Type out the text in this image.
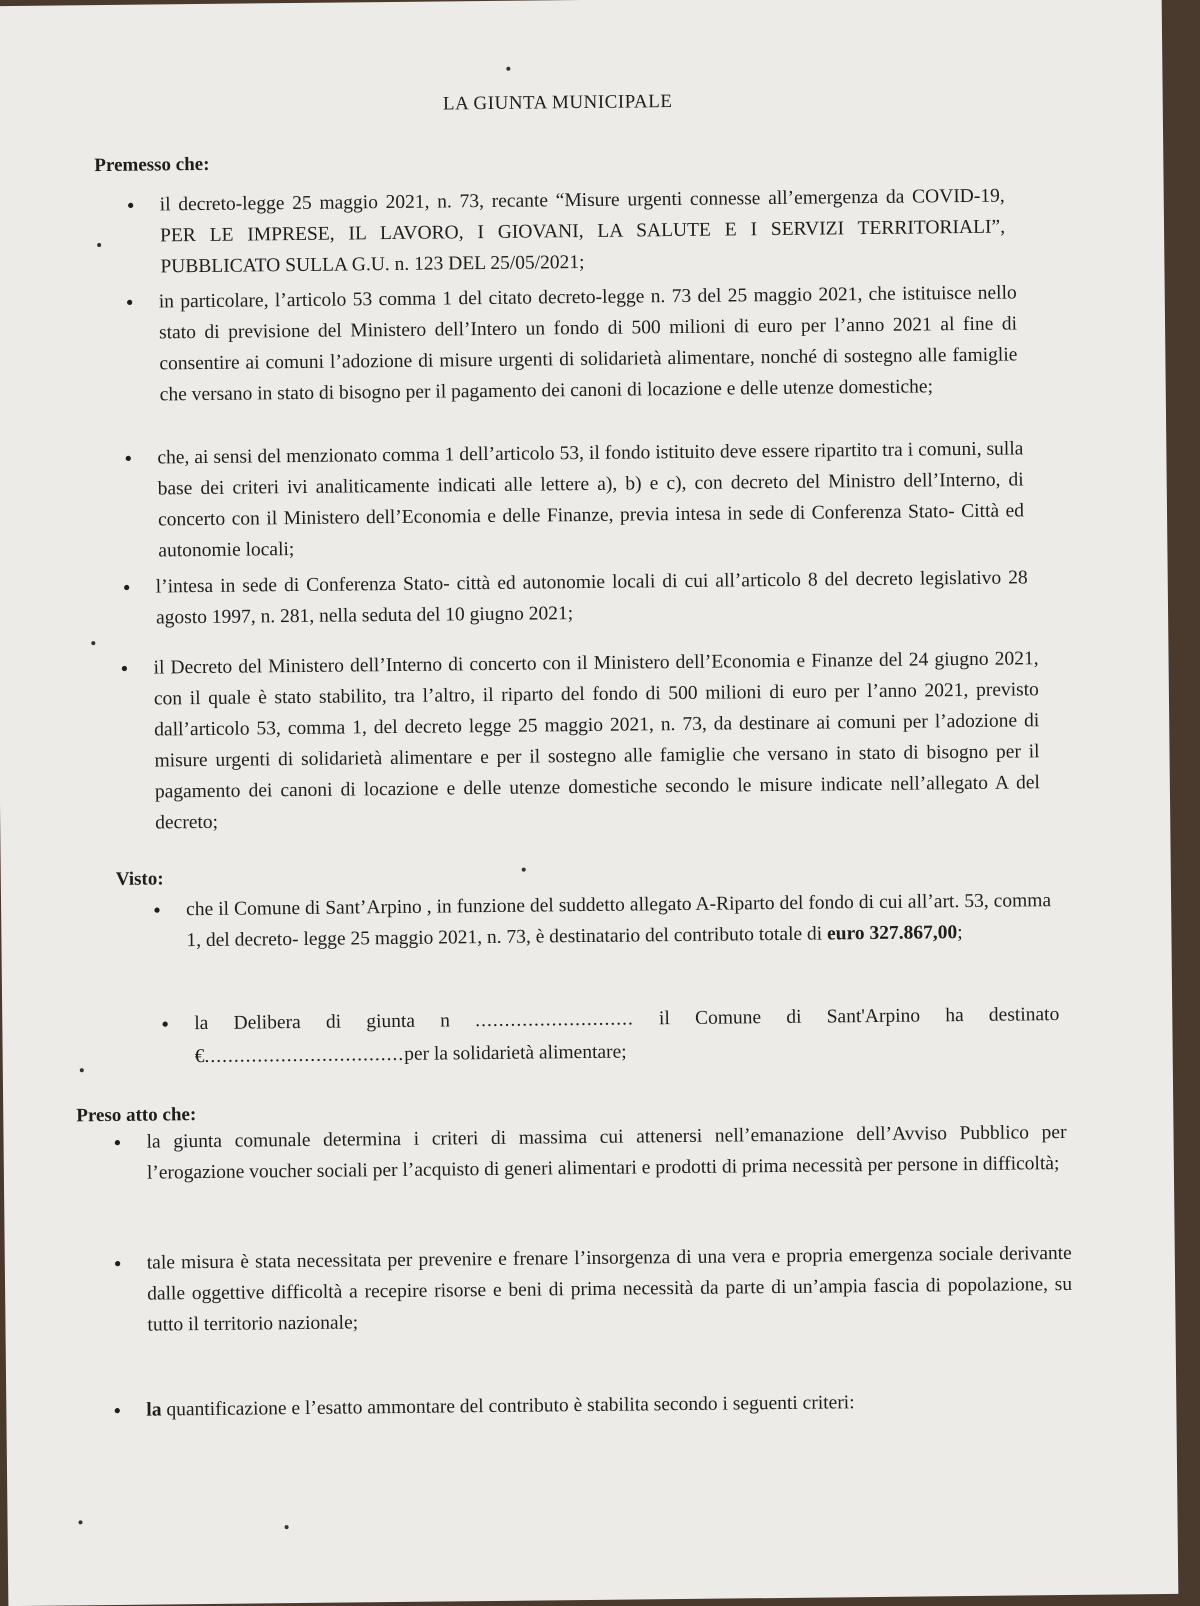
LA GIUNTA MUNICIPALE
Premesso che:
• il decreto-legge 25 maggio 2021, n. 73, recante “Misure urgenti connesse all’emergenza da COVID-19, PER LE IMPRESE, IL LAVORO, I GIOVANI, LA SALUTE E I SERVIZI TERRITORIALI”, PUBBLICATO SULLA G.U. n. 123 DEL 25/05/2021;
• in particolare, l’articolo 53 comma 1 del citato decreto-legge n. 73 del 25 maggio 2021, che istituisce nello stato di previsione del Ministero dell’Intero un fondo di 500 milioni di euro per l’anno 2021 al fine di consentire ai comuni l’adozione di misure urgenti di solidarietà alimentare, nonché di sostegno alle famiglie che versano in stato di bisogno per il pagamento dei canoni di locazione e delle utenze domestiche;
• che, ai sensi del menzionato comma 1 dell’articolo 53, il fondo istituito deve essere ripartito tra i comuni, sulla base dei criteri ivi analiticamente indicati alle lettere a), b) e c), con decreto del Ministro dell’Interno, di concerto con il Ministero dell’Economia e delle Finanze, previa intesa in sede di Conferenza Stato- Città ed autonomie locali;
• l’intesa in sede di Conferenza Stato- città ed autonomie locali di cui all’articolo 8 del decreto legislativo 28 agosto 1997, n. 281, nella seduta del 10 giugno 2021;
• il Decreto del Ministero dell’Interno di concerto con il Ministero dell’Economia e Finanze del 24 giugno 2021, con il quale è stato stabilito, tra l’altro, il riparto del fondo di 500 milioni di euro per l’anno 2021, previsto dall’articolo 53, comma 1, del decreto legge 25 maggio 2021, n. 73, da destinare ai comuni per l’adozione di misure urgenti di solidarietà alimentare e per il sostegno alle famiglie che versano in stato di bisogno per il pagamento dei canoni di locazione e delle utenze domestiche secondo le misure indicate nell’allegato A del decreto;
Visto:
• che il Comune di Sant’Arpino , in funzione del suddetto allegato A-Riparto del fondo di cui all’art. 53, comma 1, del decreto- legge 25 maggio 2021, n. 73, è destinatario del contributo totale di euro 327.867,00;
• la Delibera di giunta n ........................... il Comune di Sant'Arpino ha destinato €..................................per la solidarietà alimentare;
Preso atto che:
• la giunta comunale determina i criteri di massima cui attenersi nell’emanazione dell’Avviso Pubblico per l’erogazione voucher sociali per l’acquisto di generi alimentari e prodotti di prima necessità per persone in difficoltà;
• tale misura è stata necessitata per prevenire e frenare l’insorgenza di una vera e propria emergenza sociale derivante dalle oggettive difficoltà a recepire risorse e beni di prima necessità da parte di un’ampia fascia di popolazione, su tutto il territorio nazionale;
• la quantificazione e l’esatto ammontare del contributo è stabilita secondo i seguenti criteri:
